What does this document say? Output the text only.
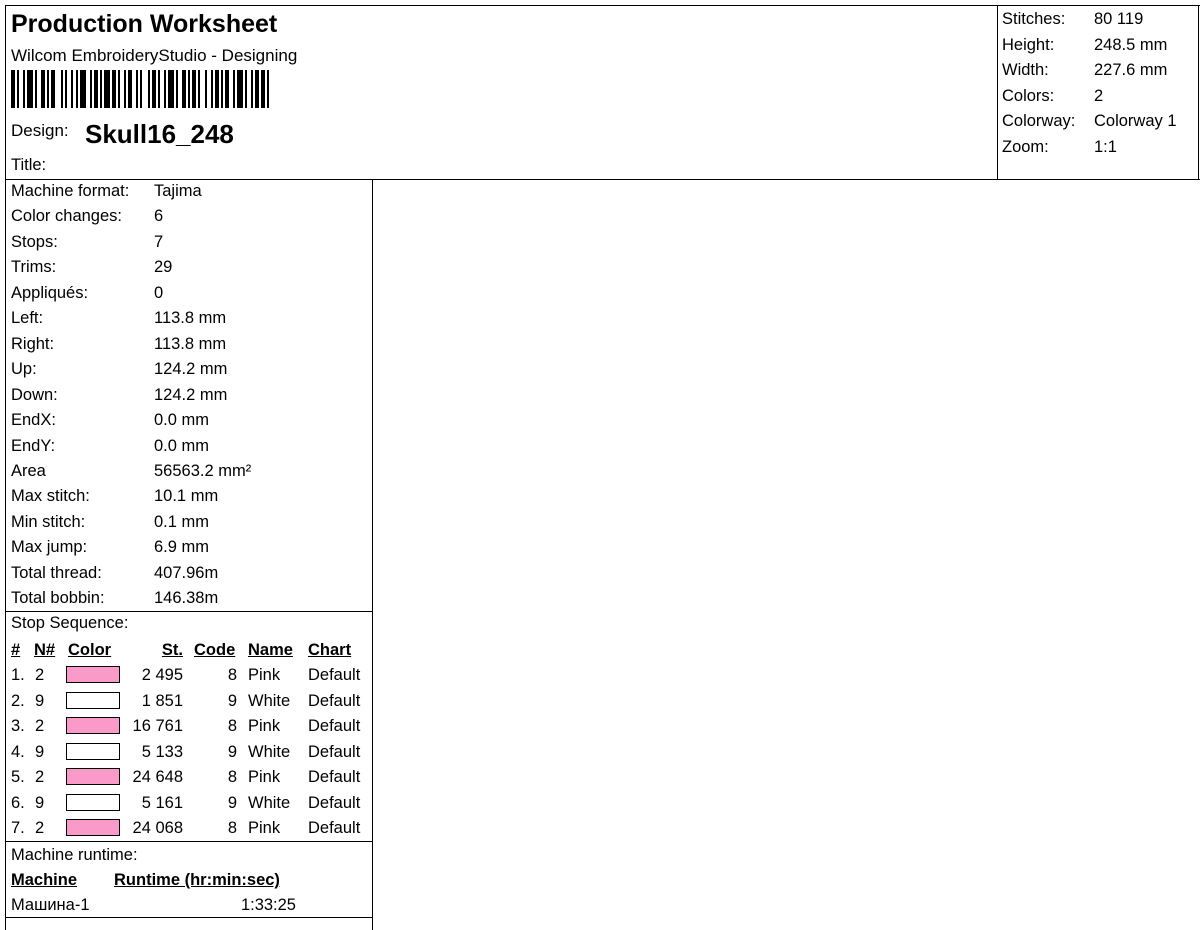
Production Worksheet
Wilcom EmbroideryStudio - Designing
Design: Skull16_248
Title:
Stitches: 80 119
Height: 248.5 mm
Width:	227.6 mm
Colors: 2
Colorway: Colorway 1
Zoom:	1:1
Machine format: Tajima
Color changes: 6
Stops:	7
Trims:	29
Appliqués:	0
Left:	113.8 mm
Right:	113.8 mm
Up:	124.2 mm
Down:	124.2 mm
EndX:	0.0 mm
EndY:	0.0 mm
Area	56563.2 mm²
Max stitch:	10.1 mm
Min stitch:	0.1 mm
Max jump:	6.9 mm
Total thread:	407.96m
Total bobbin:	146.38m
Stop Sequence:
# N# Color	St. Code Name Chart
1. 2	2 495	8 Pink Default
2. 9	1 851	9 White Default
3. 2	16 761	8 Pink Default
4. 9	5 133	9 White Default
5. 2	24 648	8 Pink Default
6. 9	5 161	9 White Default
7. 2	24 068	8 Pink Default
Machine runtime:
Machine Runtime (hr:min:sec)
Машина-1	1:33:25
